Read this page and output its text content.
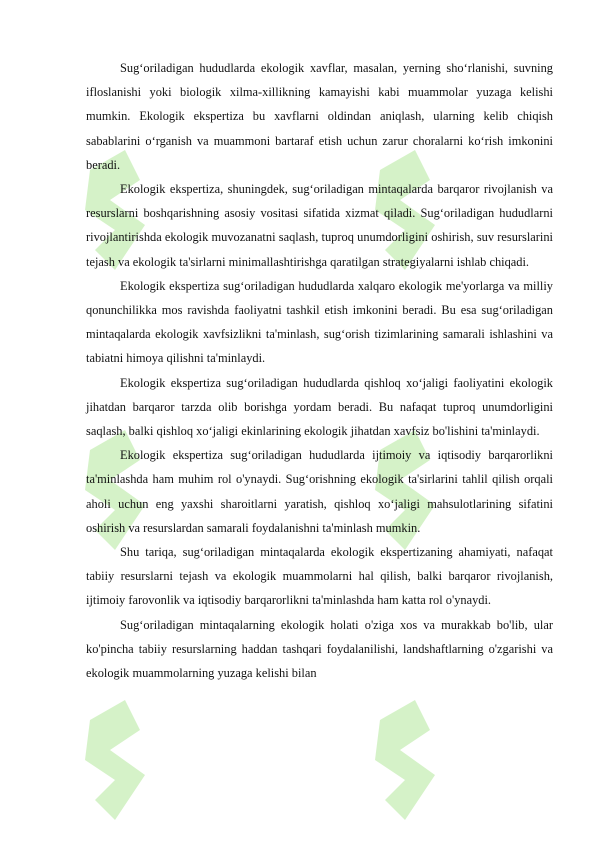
Sug‘oriladigan hududlarda ekologik xavflar, masalan, yerning sho‘rlanishi, suvning ifloslanishi yoki biologik xilma-xillikning kamayishi kabi muammolar yuzaga kelishi mumkin. Ekologik ekspertiza bu xavflarni oldindan aniqlash, ularning kelib chiqish sabablarini o‘rganish va muammoni bartaraf etish uchun zarur choralarni ko‘rish imkonini beradi.

Ekologik ekspertiza, shuningdek, sug‘oriladigan mintaqalarda barqaror rivojlanish va resurslarni boshqarishning asosiy vositasi sifatida xizmat qiladi. Sug‘oriladigan hududlarni rivojlantirishda ekologik muvozanatni saqlash, tuproq unumdorligini oshirish, suv resurslarini tejash va ekologik ta'sirlarni minimallashtirishga qaratilgan strategiyalarni ishlab chiqadi.

Ekologik ekspertiza sug‘oriladigan hududlarda xalqaro ekologik me'yorlarga va milliy qonunchilikka mos ravishda faoliyatni tashkil etish imkonini beradi. Bu esa sug‘oriladigan mintaqalarda ekologik xavfsizlikni ta'minlash, sug‘orish tizimlarining samarali ishlashini va tabiatni himoya qilishni ta'minlaydi.

Ekologik ekspertiza sug‘oriladigan hududlarda qishloq xo‘jaligi faoliyatini ekologik jihatdan barqaror tarzda olib borishga yordam beradi. Bu nafaqat tuproq unumdorligini saqlash, balki qishloq xo‘jaligi ekinlarining ekologik jihatdan xavfsiz bo'lishini ta'minlaydi.

Ekologik ekspertiza sug‘oriladigan hududlarda ijtimoiy va iqtisodiy barqarorlikni ta'minlashda ham muhim rol o'ynaydi. Sug‘orishning ekologik ta'sirlarini tahlil qilish orqali aholi uchun eng yaxshi sharoitlarni yaratish, qishloq xo‘jaligi mahsulotlarining sifatini oshirish va resurslardan samarali foydalanishni ta'minlash mumkin.

Shu tariqa, sug‘oriladigan mintaqalarda ekologik ekspertizaning ahamiyati, nafaqat tabiiy resurslarni tejash va ekologik muammolarni hal qilish, balki barqaror rivojlanish, ijtimoiy farovonlik va iqtisodiy barqarorlikni ta'minlashda ham katta rol o'ynaydi.

Sug‘oriladigan mintaqalarning ekologik holati o'ziga xos va murakkab bo'lib, ular ko'pincha tabiiy resurslarning haddan tashqari foydalanilishi, landshaftlarning o'zgarishi va ekologik muammolarning yuzaga kelishi bilan
